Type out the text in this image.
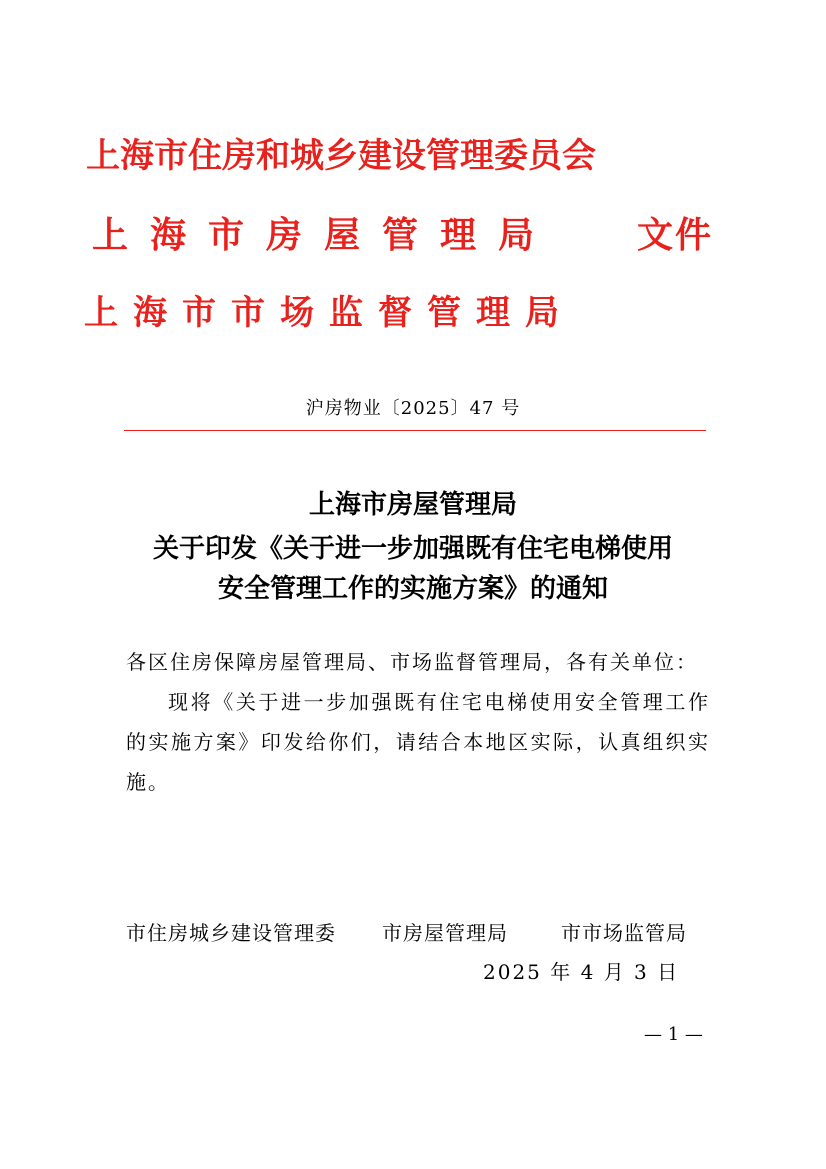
上海市住房和城乡建设管理委员会
上海市房屋管理局 文件
上海市市场监督管理局
沪房物业〔2025〕47 号
上海市房屋管理局
关于印发《关于进一步加强既有住宅电梯使用
安全管理工作的实施方案》的通知
各区住房保障房屋管理局、市场监督管理局，各有关单位：
现将《关于进一步加强既有住宅电梯使用安全管理工作的实施方案》印发给你们，请结合本地区实际，认真组织实施。
市住房城乡建设管理委 市房屋管理局	市市场监管局
2025 年 4 月 3 日
— 1 —
